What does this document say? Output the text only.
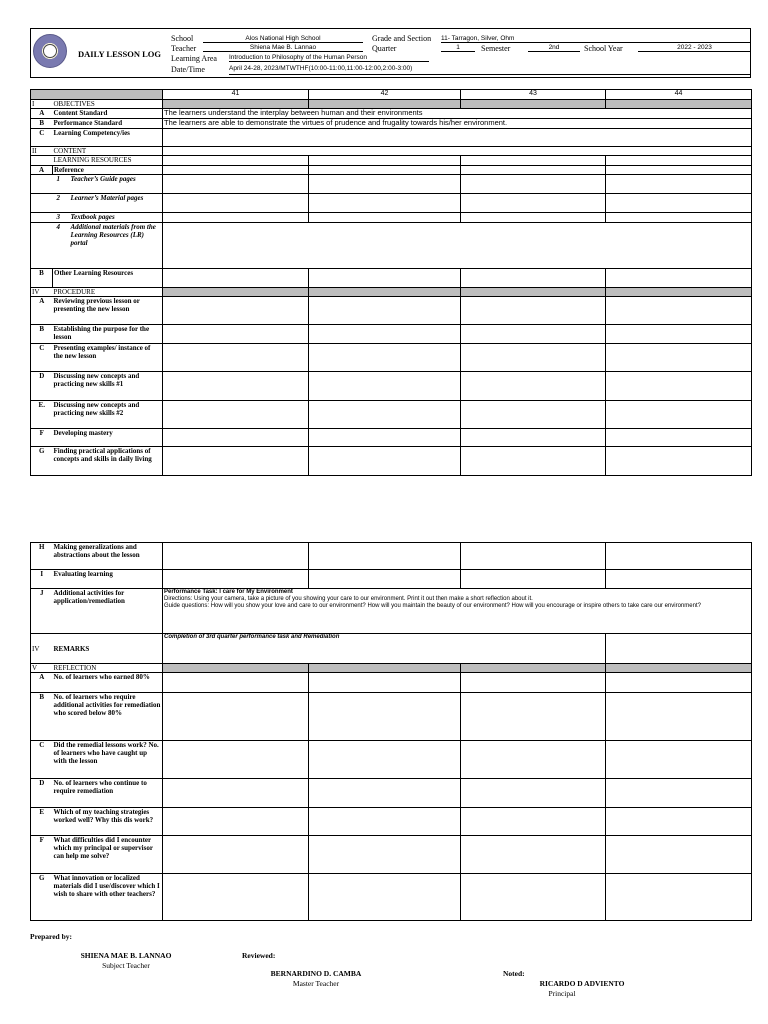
DAILY LESSON LOG
School	Alos National High School
Teacher	Shiena Mae B. Lannao
Learning Area Introduction to Philosophy of the Human Person
Date/Time	April 24-28, 2023/MTWTHF(10:00-11:00,11:00-12:00,2:00-3:00)
Grade and Section 11- Tarragon, Silver, Ohm
Quarter	1	Semester	2nd	School Year	2022 - 2023
		41	42	43	44
I	OBJECTIVES				
A	Content Standard	The learners understand the interplay between human and their environments			
B	Performance Standard	The learners are able to demonstrate the virtues of prudence and frugality towards his/her environment.			
C	Learning Competency/ies				
II	CONTENT				
	LEARNING RESOURCES				
A	Reference				

	1 Teacher’s Guide pages				

	2 Learner’s Material pages				

	3 Textbook pages				

	4 Additional materials from the Learning Resources (LR) portal				
B	Other Learning Resources				
IV	PROCEDURE				
A	Reviewing previous lesson or presenting the new lesson				
B	Establishing the purpose for the lesson				
C	Presenting examples/ instance of the new lesson				
D	Discussing new concepts and practicing new skills #1				
E.	Discussing new concepts and practicing new skills #2				
F	Developing mastery				
G	Finding practical applications of concepts and skills in daily living				
H	Making generalizations and abstractions about the lesson				
I	Evaluating learning				
J	Additional activities for application/remediation	Performance Task: I care for My Environment
Directions: Using your camera, take a picture of you showing your care to our environment. Print it out then make a short reflection about it.
Guide questions: How will you show your love and care to our environment? How will you maintain the beauty of our environment? How will you encourage or inspire others to take care our environment?			

IV	REMARKS	Completion of 3rd quarter performance task and Remediation			
V	REFLECTION				
A	No. of learners who earned 80%				
B	No. of learners who require additional activities for remediation who scored below 80%				
C	Did the remedial lessons work? No. of learners who have caught up with the lesson				
D	No. of learners who continue to require remediation				
E	Which of my teaching strategies worked well? Why this dis work?				
F	What difficulties did I encounter which my principal or supervisor can help me solve?				
G	What innovation or localized materials did I use/discover which I wish to share with other teachers?				
Prepared by:
SHIENA MAE B. LANNAO
Subject Teacher
Reviewed:
BERNARDINO D. CAMBA
Master Teacher
Noted:
RICARDO D ADVIENTO
Principal
